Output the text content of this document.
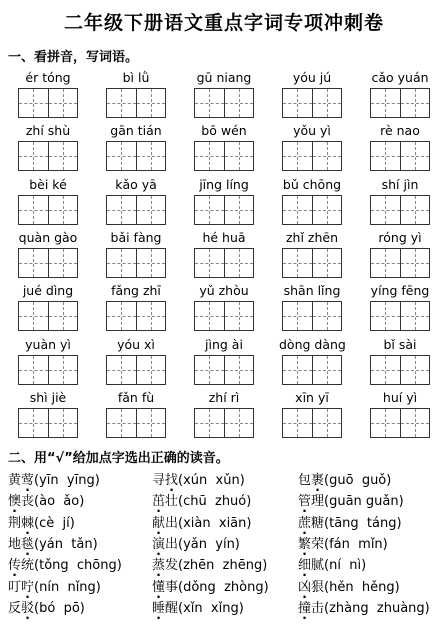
二年级下册语文重点字词专项冲刺卷
一、看拼音，写词语。
ér tóng	bì lǜ	gū niang	yóu jú	cǎo yuán
zhí shù	gān tián	bō wén	yǒu yì	rè nao
bèi ké	kǎo yā	jīng líng	bǔ chōng	shí jìn
quàn gào	bǎi fàng	hé huā	zhǐ zhēn	róng yì
jué dìng	fǎng zhī	yǔ zhòu	shān lǐng	yíng fēng
yuàn yì	yóu xì	jìng ài	dòng dàng	bǐ sài
shì jiè	fǎn fù	zhí rì	xīn yī	huí yì
二、用“√”给加点字选出正确的读音。
黄莺(yīn  yīng)	寻找(xún  xǔn)	包裹(guō  guǒ)
懊丧(ào  ǎo)	茁壮(chū  zhuó)	管理(guān guǎn)
荆棘(cè  jí)	献出(xiàn  xiān)	蔗糖(tāng  táng)
地毯(yán  tǎn)	演出(yǎn  yín)	繁荣(fán  mǐn)
传统(tǒng  chōng) 蒸发(zhēn  zhēng) 细腻(ní  nì)
叮咛(nín  nǐng)	懂事(dǒng  zhòng) 凶狠(hěn  hěng)
反驳(bó  pō)	睡醒(xǐn  xǐng)	撞击(zhàng  zhuàng)
